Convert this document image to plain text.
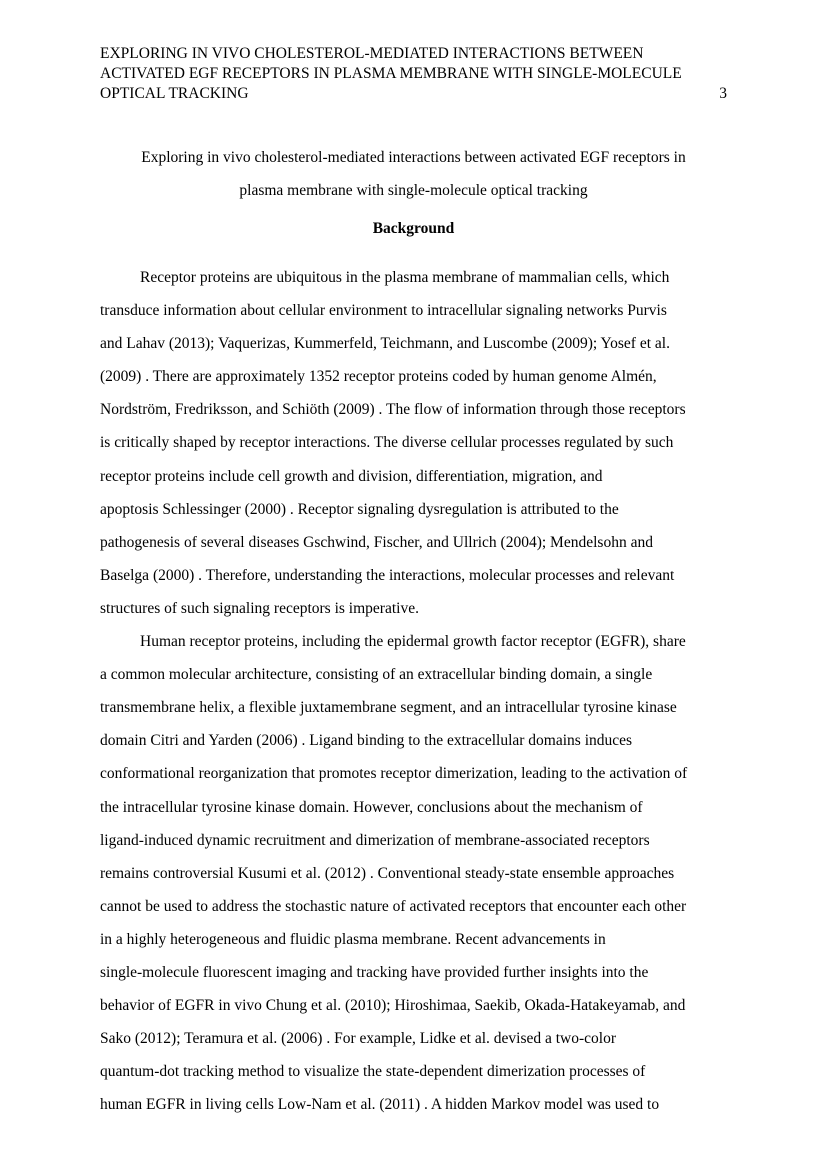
EXPLORING IN VIVO CHOLESTEROL-MEDIATED INTERACTIONS BETWEEN
ACTIVATED EGF RECEPTORS IN PLASMA MEMBRANE WITH SINGLE-MOLECULE
OPTICAL TRACKING	3
Exploring in vivo cholesterol-mediated interactions between activated EGF receptors in
plasma membrane with single-molecule optical tracking
Background
Receptor proteins are ubiquitous in the plasma membrane of mammalian cells, which
transduce information about cellular environment to intracellular signaling networks Purvis
and Lahav (2013); Vaquerizas, Kummerfeld, Teichmann, and Luscombe (2009); Yosef et al.
(2009) . There are approximately 1352 receptor proteins coded by human genome Almén,
Nordström, Fredriksson, and Schiöth (2009) . The flow of information through those receptors
is critically shaped by receptor interactions. The diverse cellular processes regulated by such
receptor proteins include cell growth and division, differentiation, migration, and
apoptosis Schlessinger (2000) . Receptor signaling dysregulation is attributed to the
pathogenesis of several diseases Gschwind, Fischer, and Ullrich (2004); Mendelsohn and
Baselga (2000) . Therefore, understanding the interactions, molecular processes and relevant
structures of such signaling receptors is imperative.
Human receptor proteins, including the epidermal growth factor receptor (EGFR), share
a common molecular architecture, consisting of an extracellular binding domain, a single
transmembrane helix, a flexible juxtamembrane segment, and an intracellular tyrosine kinase
domain Citri and Yarden (2006) . Ligand binding to the extracellular domains induces
conformational reorganization that promotes receptor dimerization, leading to the activation of
the intracellular tyrosine kinase domain. However, conclusions about the mechanism of
ligand-induced dynamic recruitment and dimerization of membrane-associated receptors
remains controversial Kusumi et al. (2012) . Conventional steady-state ensemble approaches
cannot be used to address the stochastic nature of activated receptors that encounter each other
in a highly heterogeneous and fluidic plasma membrane. Recent advancements in
single-molecule fluorescent imaging and tracking have provided further insights into the
behavior of EGFR in vivo Chung et al. (2010); Hiroshimaa, Saekib, Okada-Hatakeyamab, and
Sako (2012); Teramura et al. (2006) . For example, Lidke et al. devised a two-color
quantum-dot tracking method to visualize the state-dependent dimerization processes of
human EGFR in living cells Low-Nam et al. (2011) . A hidden Markov model was used to
